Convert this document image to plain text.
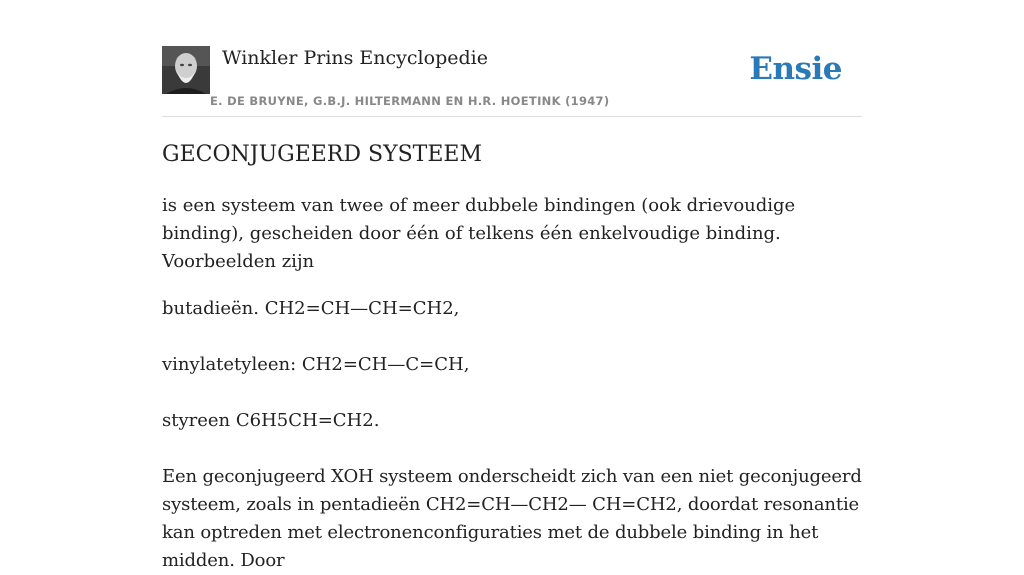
Winkler Prins Encyclopedie
E. DE BRUYNE, G.B.J. HILTERMANN EN H.R. HOETINK (1947)
Ensie
GECONJUGEERD SYSTEEM

is een systeem van twee of meer dubbele bindingen (ook drievoudige binding), gescheiden door één of telkens één enkelvoudige binding. Voorbeelden zijn

butadieën. CH2=CH—CH=CH2,

vinylatetyleen: CH2=CH—C=CH,

styreen C6H5CH=CH2.

Een geconjugeerd XOH systeem onderscheidt zich van een niet geconjugeerd systeem, zoals in pentadieën CH2=CH—CH2— CH=CH2, doordat resonantie kan optreden met electronenconfiguraties met de dubbele binding in het midden. Door
